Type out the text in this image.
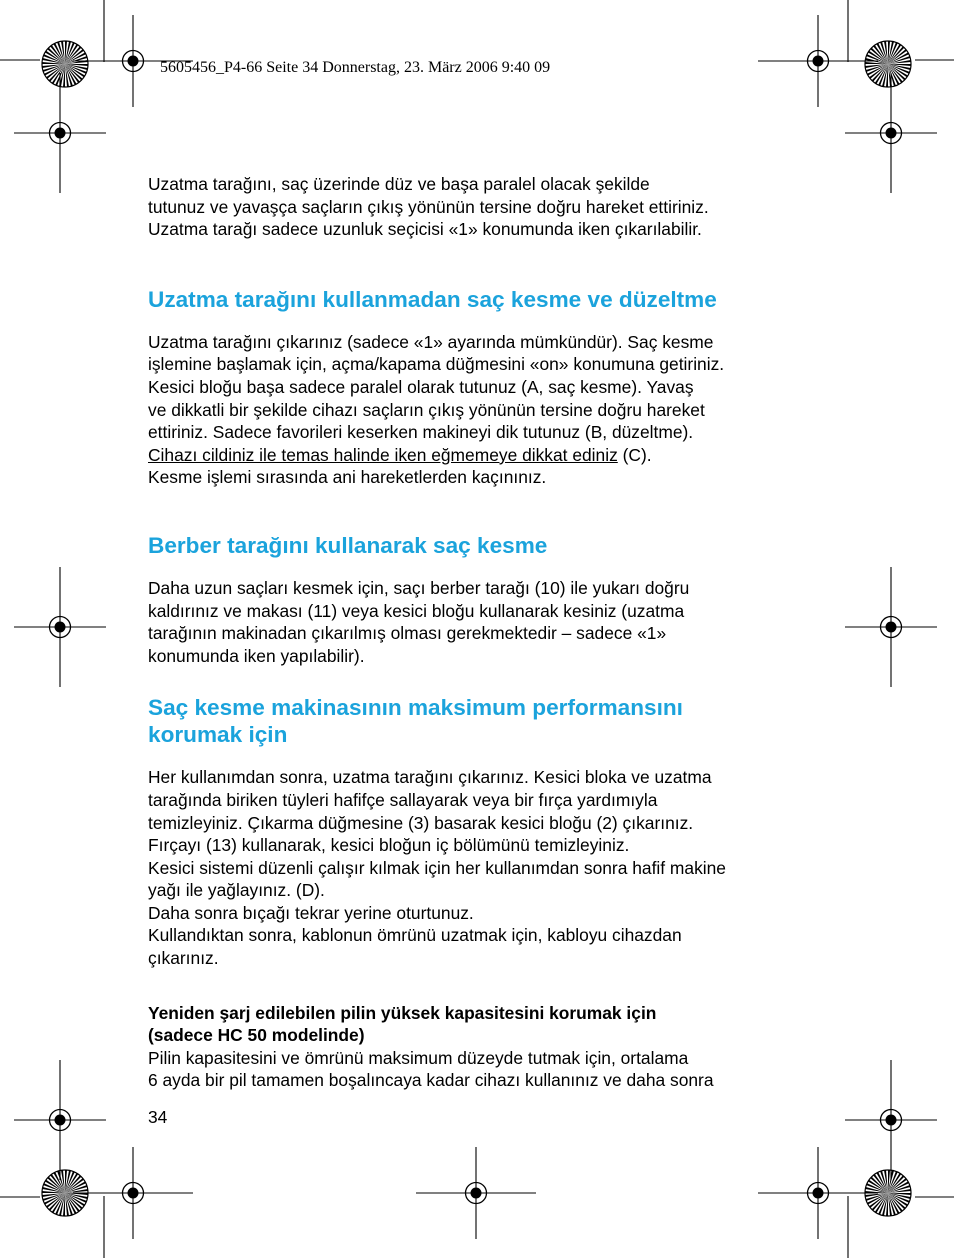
5605456_P4-66 Seite 34 Donnerstag, 23. März 2006 9:40 09

Uzatma tarağını, saç üzerinde düz ve başa paralel olacak şekilde
tutunuz ve yavaşça saçların çıkış yönünün tersine doğru hareket ettiriniz.
Uzatma tarağı sadece uzunluk seçicisi «1» konumunda iken çıkarılabilir.

Uzatma tarağını kullanmadan saç kesme ve düzeltme

Uzatma tarağını çıkarınız (sadece «1» ayarında mümkündür). Saç kesme
işlemine başlamak için, açma/kapama düğmesini «on» konumuna getiriniz.
Kesici bloğu başa sadece paralel olarak tutunuz (A, saç kesme). Yavaş
ve dikkatli bir şekilde cihazı saçların çıkış yönünün tersine doğru hareket
ettiriniz. Sadece favorileri keserken makineyi dik tutunuz (B, düzeltme).
Cihazı cildiniz ile temas halinde iken eğmemeye dikkat ediniz (C).
Kesme işlemi sırasında ani hareketlerden kaçınınız.

Berber tarağını kullanarak saç kesme

Daha uzun saçları kesmek için, saçı berber tarağı (10) ile yukarı doğru
kaldırınız ve makası (11) veya kesici bloğu kullanarak kesiniz (uzatma
tarağının makinadan çıkarılmış olması gerekmektedir – sadece «1»
konumunda iken yapılabilir).

Saç kesme makinasının maksimum performansını
korumak için

Her kullanımdan sonra, uzatma tarağını çıkarınız. Kesici bloka ve uzatma
tarağında biriken tüyleri hafifçe sallayarak veya bir fırça yardımıyla
temizleyiniz. Çıkarma düğmesine (3) basarak kesici bloğu (2) çıkarınız.
Fırçayı (13) kullanarak, kesici bloğun iç bölümünü temizleyiniz.
Kesici sistemi düzenli çalışır kılmak için her kullanımdan sonra hafif makine
yağı ile yağlayınız. (D).
Daha sonra bıçağı tekrar yerine oturtunuz.
Kullandıktan sonra, kablonun ömrünü uzatmak için, kabloyu cihazdan
çıkarınız.

Yeniden şarj edilebilen pilin yüksek kapasitesini korumak için
(sadece HC 50 modelinde)

Pilin kapasitesini ve ömrünü maksimum düzeyde tutmak için, ortalama
6 ayda bir pil tamamen boşalıncaya kadar cihazı kullanınız ve daha sonra

34
